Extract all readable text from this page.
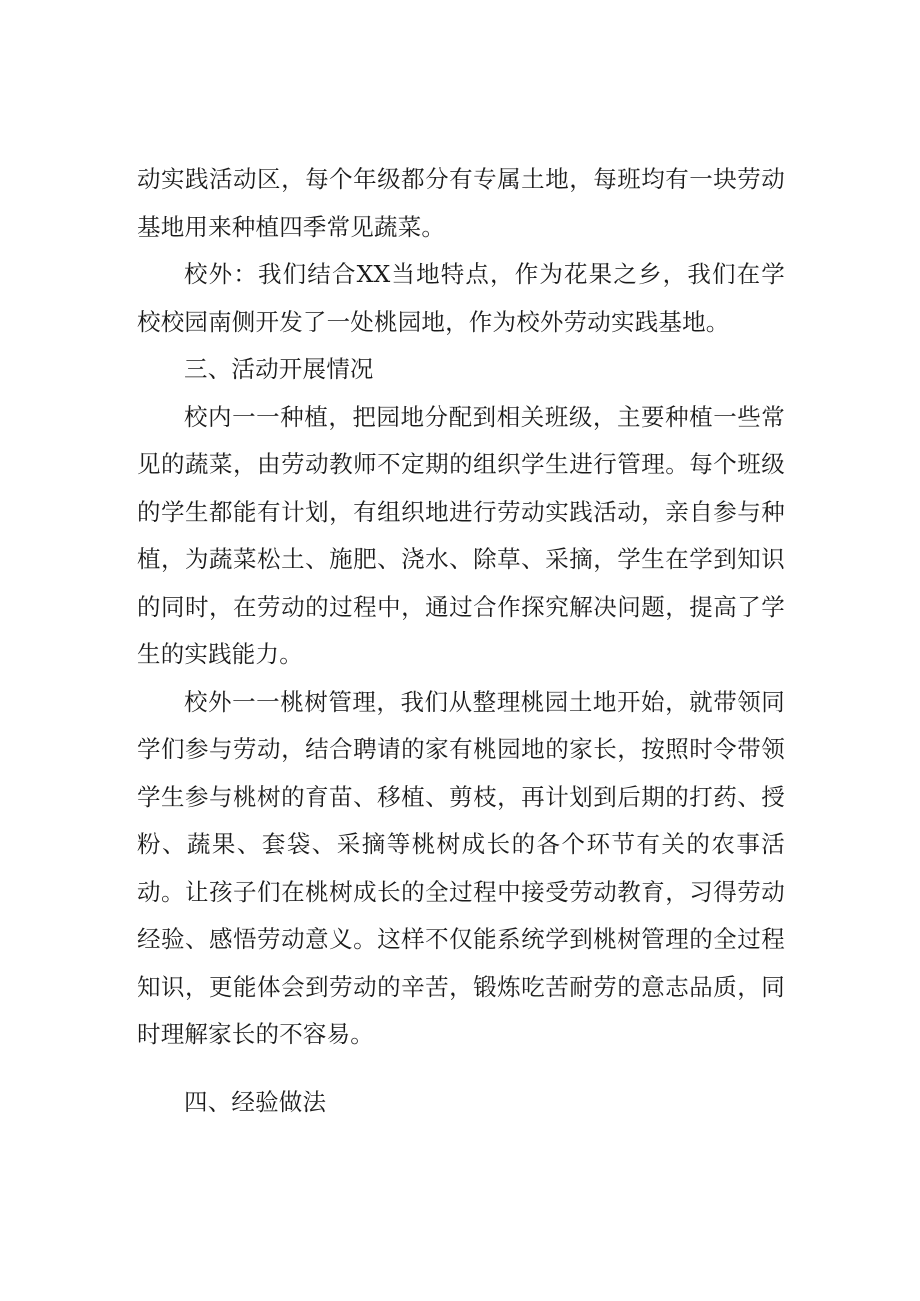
动实践活动区，每个年级都分有专属土地，每班均有一块劳动基地用来种植四季常见蔬菜。

校外：我们结合XX当地特点，作为花果之乡，我们在学校校园南侧开发了一处桃园地，作为校外劳动实践基地。

三、活动开展情况

校内一一种植，把园地分配到相关班级，主要种植一些常见的蔬菜，由劳动教师不定期的组织学生进行管理。每个班级的学生都能有计划，有组织地进行劳动实践活动，亲自参与种植，为蔬菜松土、施肥、浇水、除草、采摘，学生在学到知识的同时，在劳动的过程中，通过合作探究解决问题，提高了学生的实践能力。

校外一一桃树管理，我们从整理桃园土地开始，就带领同学们参与劳动，结合聘请的家有桃园地的家长，按照时令带领学生参与桃树的育苗、移植、剪枝，再计划到后期的打药、授粉、蔬果、套袋、采摘等桃树成长的各个环节有关的农事活动。让孩子们在桃树成长的全过程中接受劳动教育，习得劳动经验、感悟劳动意义。这样不仅能系统学到桃树管理的全过程知识，更能体会到劳动的辛苦，锻炼吃苦耐劳的意志品质，同时理解家长的不容易。

四、经验做法
